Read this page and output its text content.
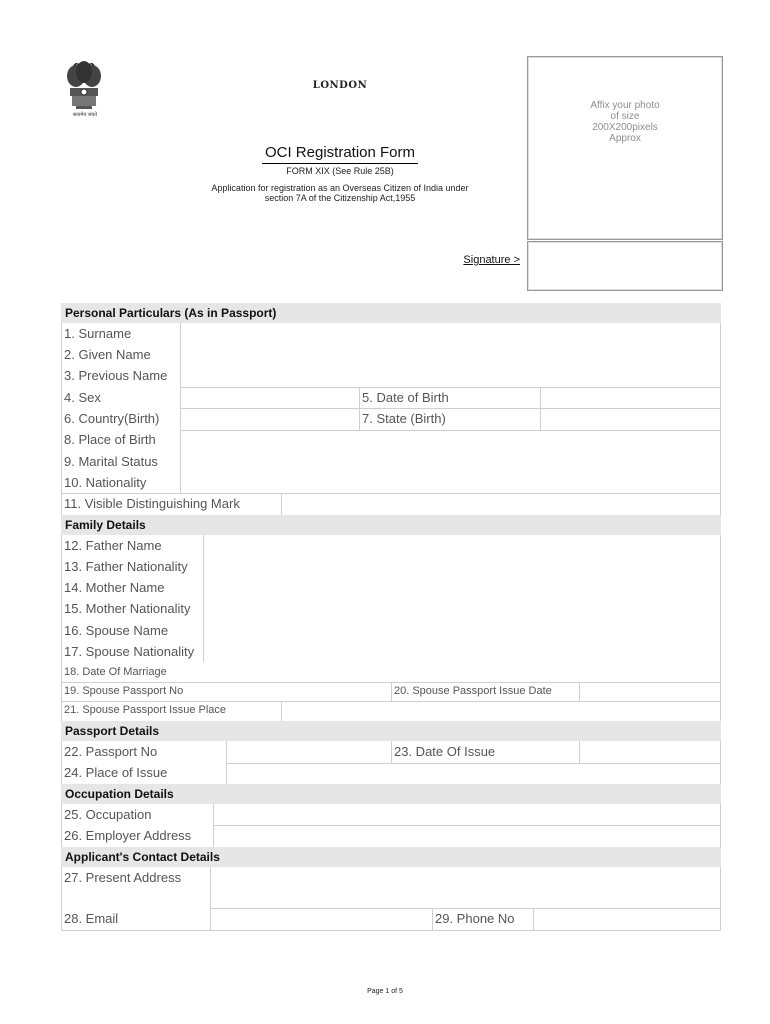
सत्यमेव जयते
LONDON
OCI Registration Form
FORM XIX (See Rule 25B)
Application for registration as an Overseas Citizen of India under
section 7A of the Citizenship Act,1955
Affix your photo
of size
200X200pixels
Approx
Signature >
Personal Particulars (As in Passport)
1. Surname
2. Given Name
3. Previous Name
4. Sex	5. Date of Birth
6. Country(Birth)	7. State (Birth)
8. Place of Birth
9. Marital Status
10. Nationality
11. Visible Distinguishing Mark
Family Details
12. Father Name
13. Father Nationality
14. Mother Name
15. Mother Nationality
16. Spouse Name
17. Spouse Nationality
18. Date Of Marriage
19. Spouse Passport No	20. Spouse Passport Issue Date
21. Spouse Passport Issue Place
Passport Details
22. Passport No	23. Date Of Issue
24. Place of Issue
Occupation Details
25. Occupation
26. Employer Address
Applicant's Contact Details
27. Present Address
28. Email	29. Phone No
Page 1 of 5
